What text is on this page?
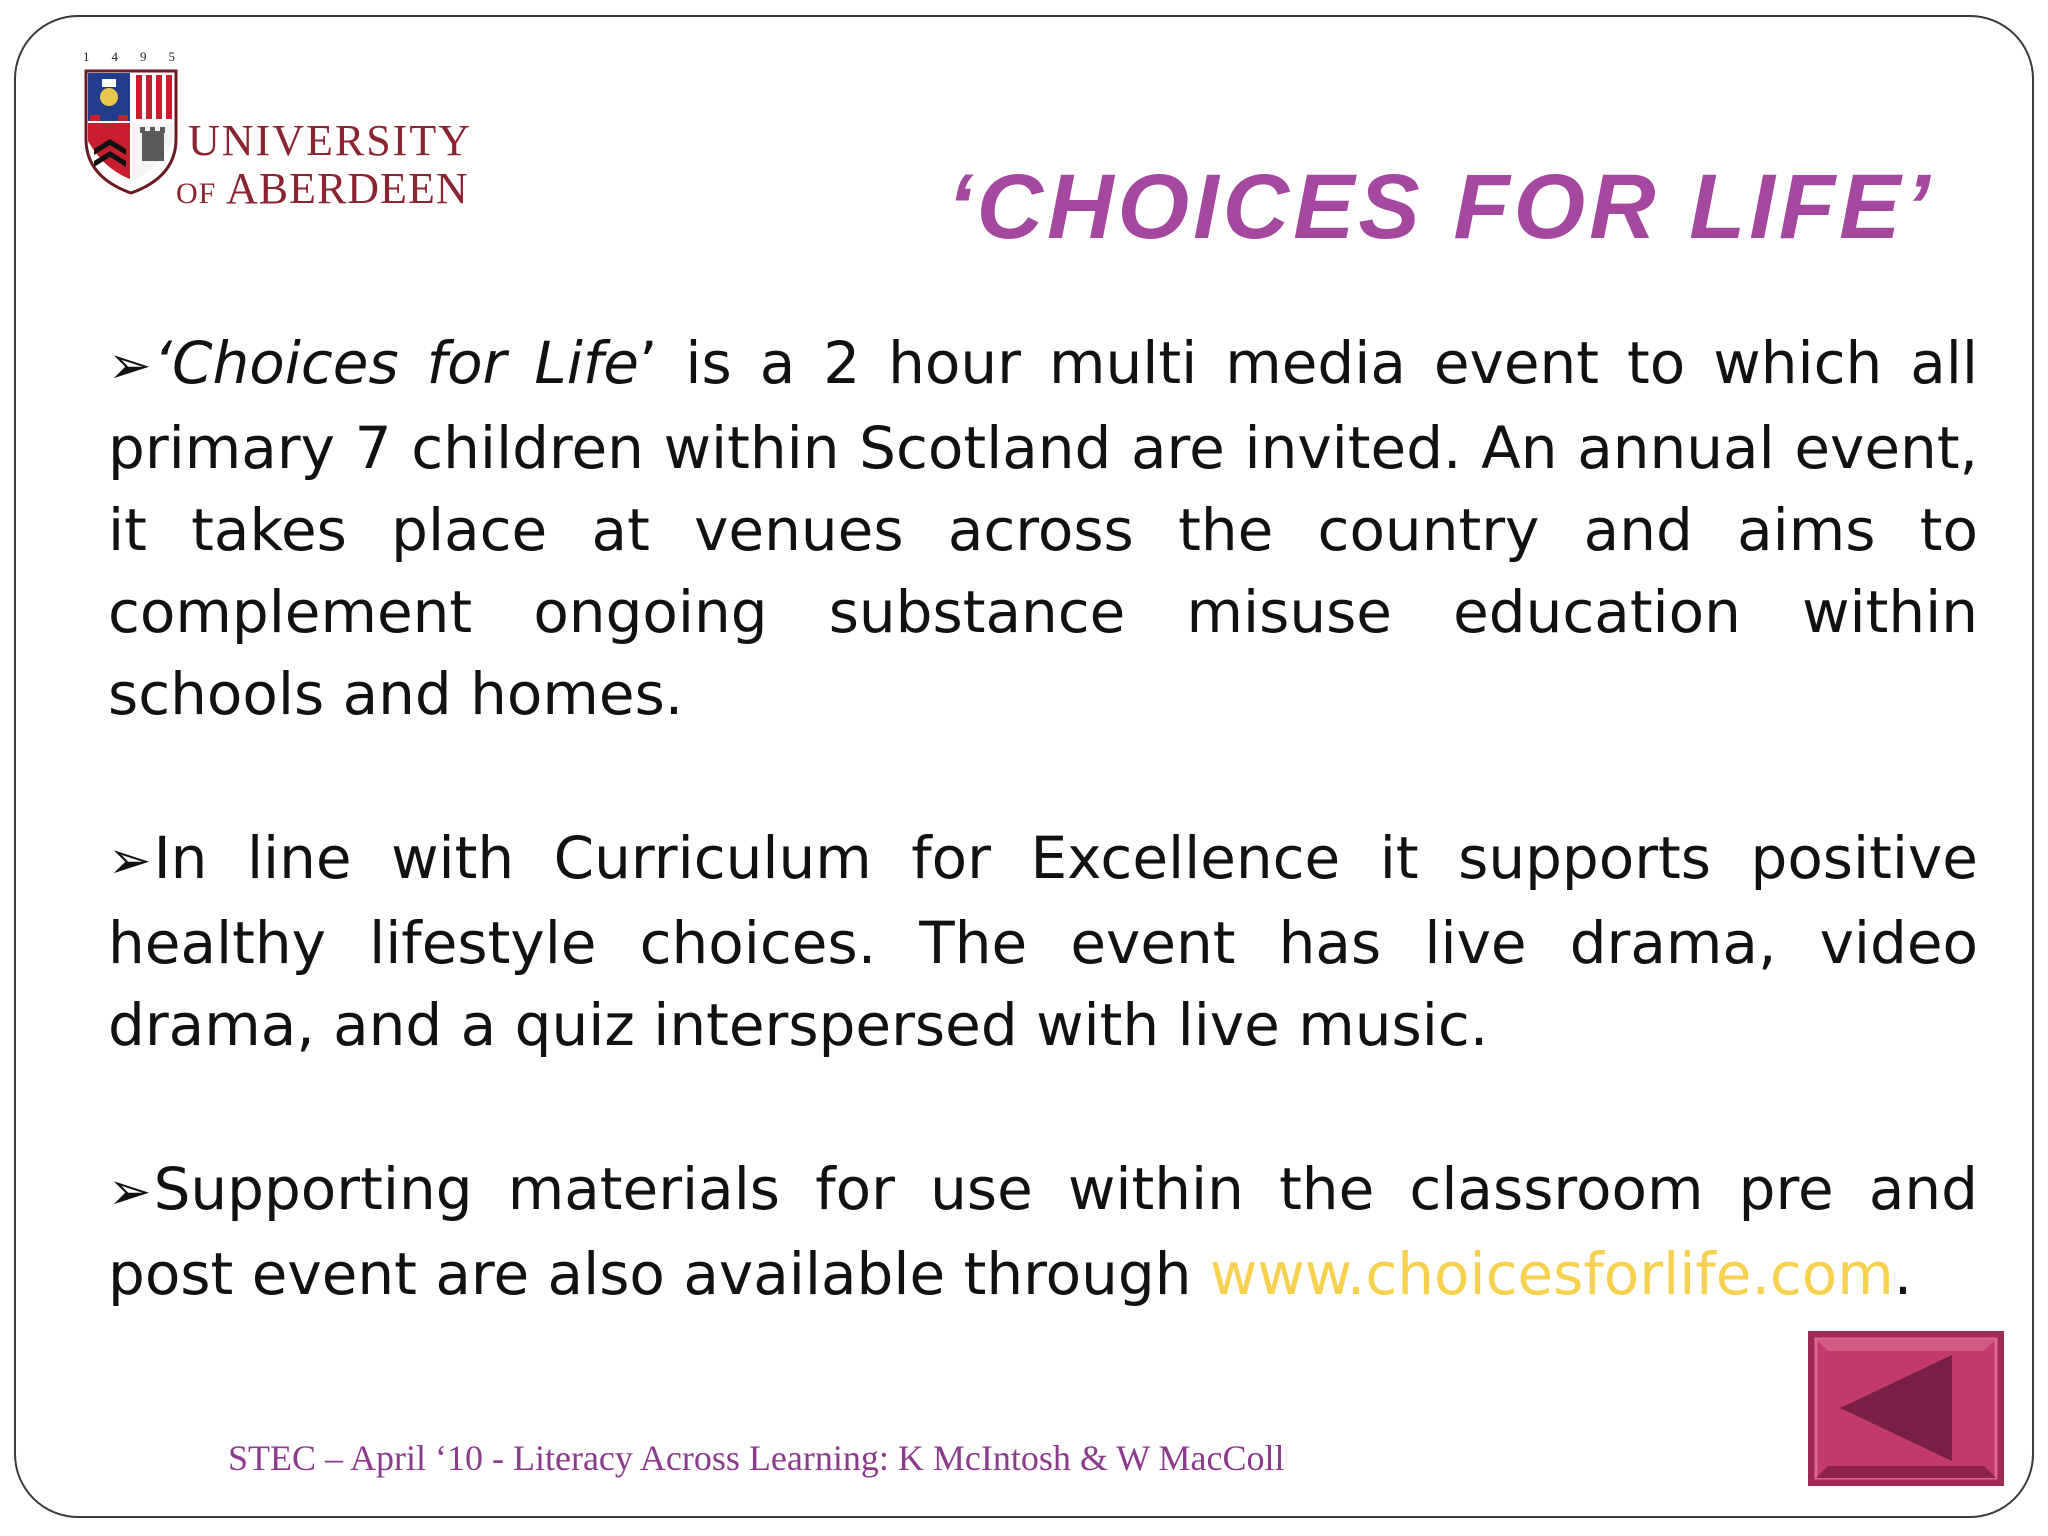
1495
UNIVERSITY
OF ABERDEEN	‘CHOICES FOR LIFE’

➢‘Choices for Life’ is a 2 hour multi media event to which all primary 7 children within Scotland are invited. An annual event, it takes place at venues across the country and aims to complement ongoing substance misuse education within schools and homes.

➢In line with Curriculum for Excellence it supports positive healthy lifestyle choices. The event has live drama, video drama, and a quiz interspersed with live music.

➢Supporting materials for use within the classroom pre and post event are also available through www.choicesforlife.com.

STEC – April ‘10 - Literacy Across Learning: K McIntosh & W MacColl
